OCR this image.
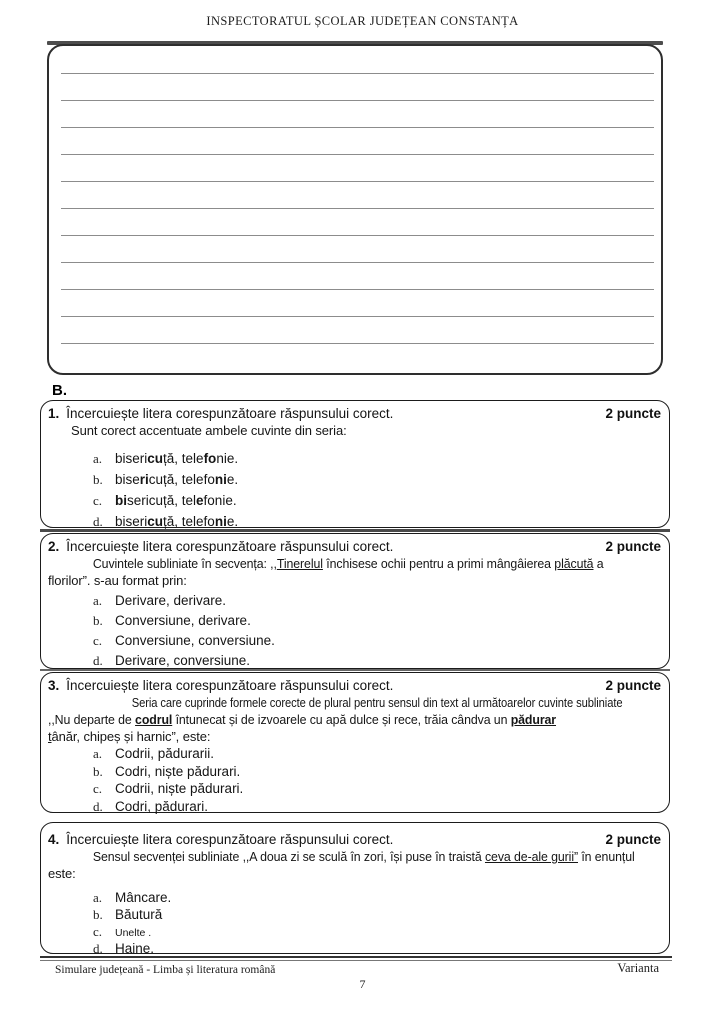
INSPECTORATUL ȘCOLAR JUDEȚEAN CONSTANȚA
B.
1. Încercuiește litera corespunzătoare răspunsului corect.	2 puncte
Sunt corect accentuate ambele cuvinte din seria:
a. bisericuță, telefonie.
b. bisericuță, telefonie.
c. bisericuță, telefonie.
d. bisericuță, telefonie.
2. Încercuiește litera corespunzătoare răspunsului corect.	2 puncte
Cuvintele subliniate în secvența: ,,Tinerelul închisese ochii pentru a primi mângâierea plăcută a
florilor”. s-au format prin:
a. Derivare, derivare.
b. Conversiune, derivare.
c. Conversiune, conversiune.
d. Derivare, conversiune.
3. Încercuiește litera corespunzătoare răspunsului corect.	2 puncte
Seria care cuprinde formele corecte de plural pentru sensul din text al următoarelor cuvinte subliniate
,,Nu departe de codrul întunecat și de izvoarele cu apă dulce și rece, trăia cândva un pădurar
tânăr, chipeș și harnic”, este:
a. Codrii, pădurarii.
b. Codri, niște pădurari.
c. Codrii, niște pădurari.
d. Codri, pădurari.
4. Încercuiește litera corespunzătoare răspunsului corect.	2 puncte
Sensul secvenței subliniate ,,A doua zi se sculă în zori, își puse în traistă ceva de-ale gurii” în enunțul
este:
a. Mâncare.
b. Băutură
c.	Unelte .
d. Haine.
Simulare județeană - Limba și literatura română	Varianta
7
